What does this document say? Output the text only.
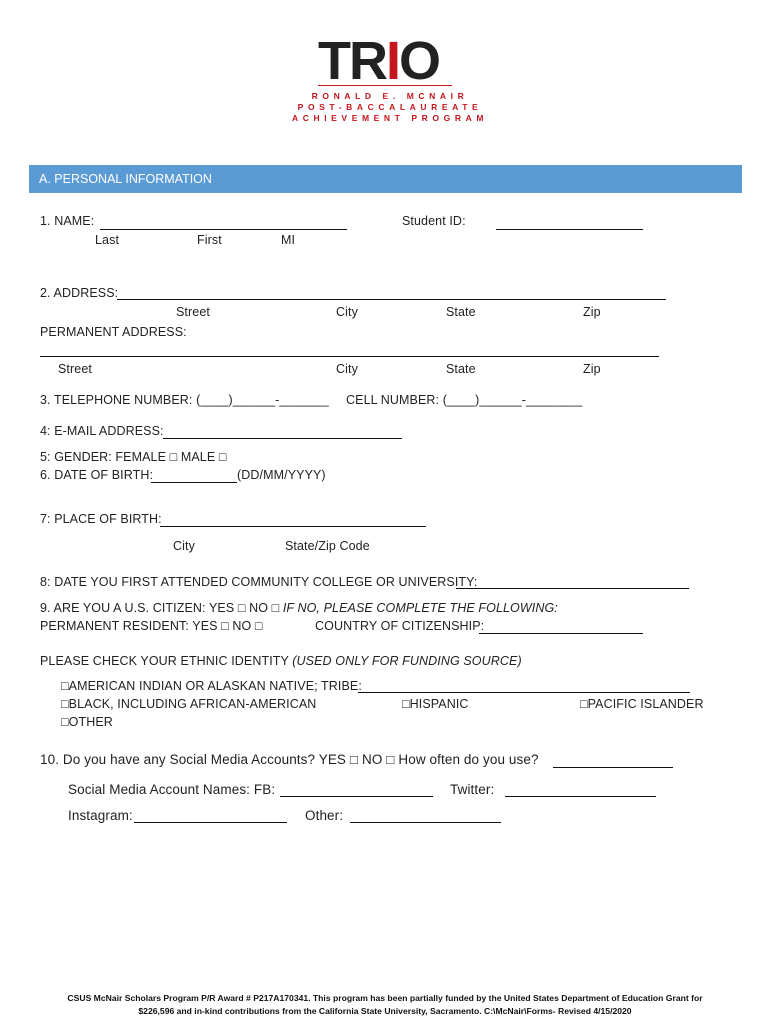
TRIO
RONALD E. MCNAIR
POST-BACCALAUREATE
ACHIEVEMENT PROGRAM
A. PERSONAL INFORMATION
1. NAME:
Last	First	MI
Student ID:
2. ADDRESS:
Street	City	State	Zip
PERMANENT ADDRESS:
Street	City	State	Zip
3. TELEPHONE NUMBER: (____)______-_______ CELL NUMBER: (____)______-________
4: E-MAIL ADDRESS:
5: GENDER: FEMALE □ MALE □
6. DATE OF BIRTH:	(DD/MM/YYYY)
7: PLACE OF BIRTH:
City	State/Zip Code
8: DATE YOU FIRST ATTENDED COMMUNITY COLLEGE OR UNIVERSITY:
9. ARE YOU A U.S. CITIZEN: YES □ NO □ IF NO, PLEASE COMPLETE THE FOLLOWING:
PERMANENT RESIDENT: YES □ NO □	COUNTRY OF CITIZENSHIP:
PLEASE CHECK YOUR ETHNIC IDENTITY (USED ONLY FOR FUNDING SOURCE)
□AMERICAN INDIAN OR ALASKAN NATIVE; TRIBE:
□BLACK, INCLUDING AFRICAN-AMERICAN	□HISPANIC	□PACIFIC ISLANDER
□OTHER
10. Do you have any Social Media Accounts? YES □ NO □ How often do you use?
Social Media Account Names: FB:	Twitter:
Instagram:	Other:
CSUS McNair Scholars Program P/R Award # P217A170341. This program has been partially funded by the United States Department of Education Grant for
$226,596 and in-kind contributions from the California State University, Sacramento. C:\McNair\Forms- Revised 4/15/2020
